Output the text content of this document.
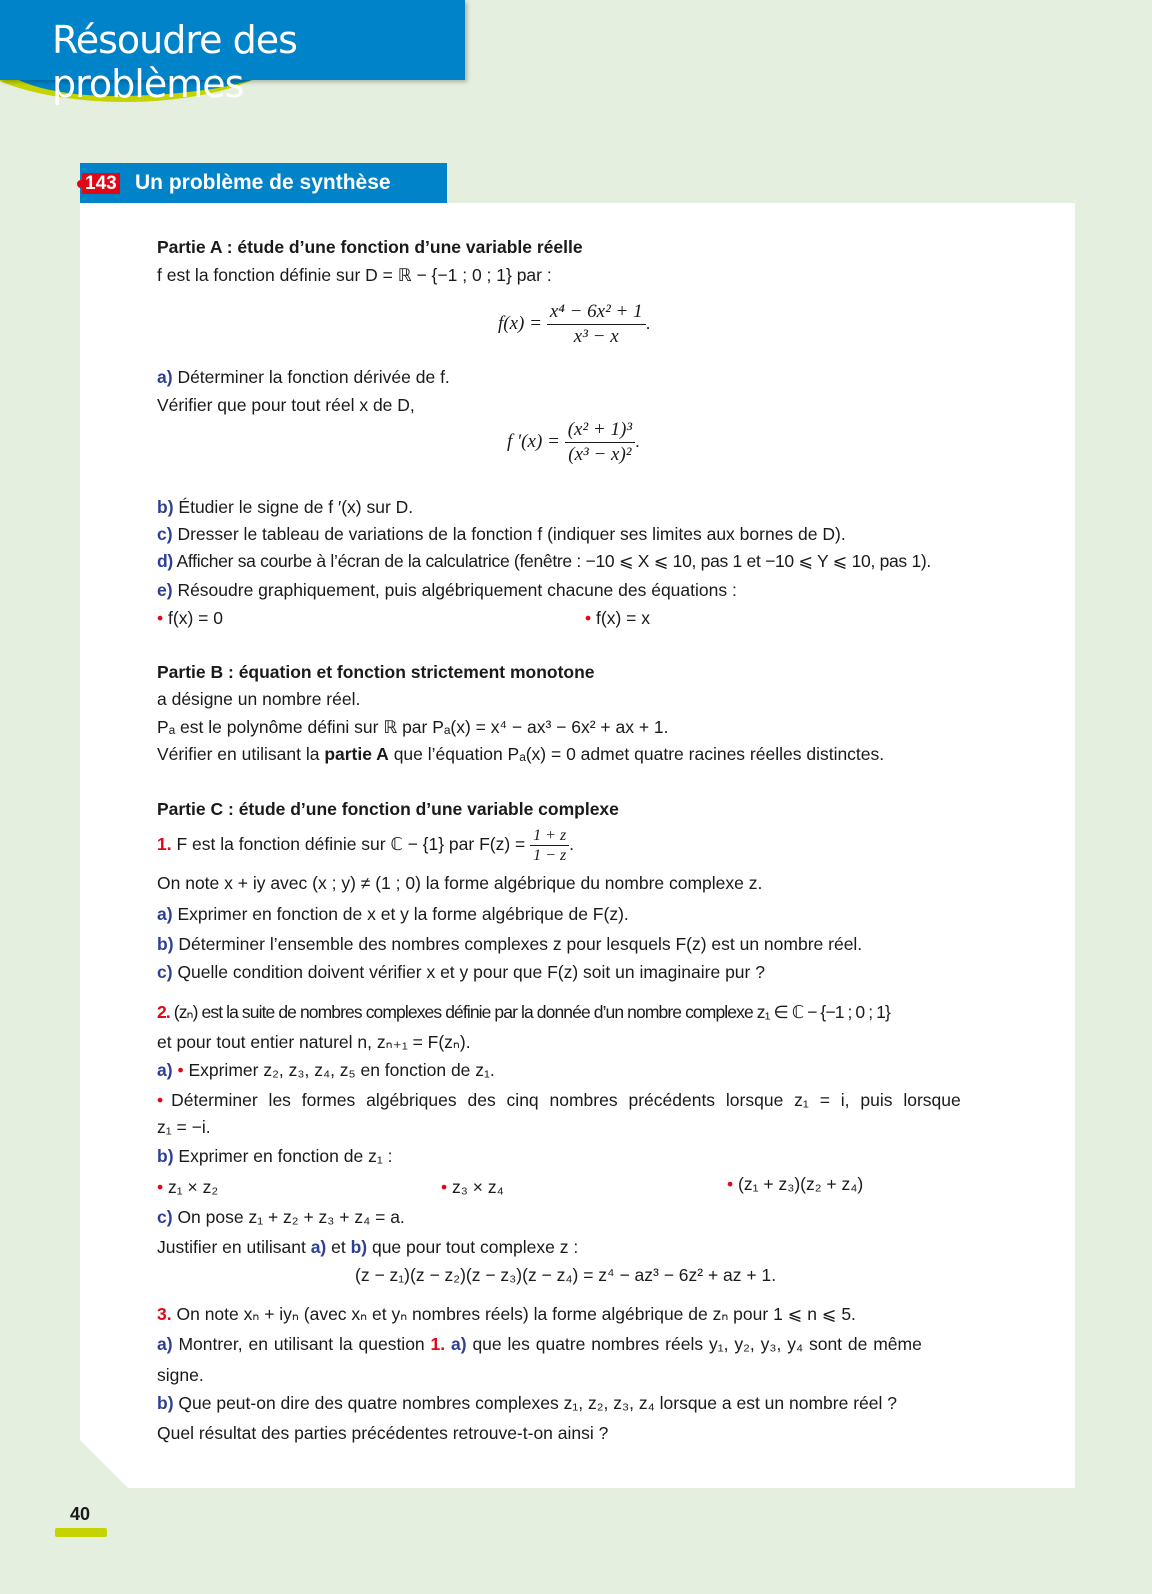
Résoudre des problèmes
143 Un problème de synthèse
Partie A : étude d’une fonction d’une variable réelle
f est la fonction définie sur D = ℝ − {−1 ; 0 ; 1} par :
$f(x) = \frac{\text{x⁴ − 6x² + 1}}{\text{x³ − x}}$ .
a) Déterminer la fonction dérivée de f.
Vérifier que pour tout réel x de D,
f $'(x) = \frac{\text{(x² + 1)³}}{\text{(x³ − x)²}}$ .
b) Étudier le signe de f ′(x) sur D.
c) Dresser le tableau de variations de la fonction f (indiquer ses limites aux bornes de D).
d) Afficher sa courbe à l’écran de la calculatrice (fenêtre : −10 ⩽ X ⩽ 10, pas 1 et −10 ⩽ Y ⩽ 10, pas 1).
e) Résoudre graphiquement, puis algébriquement chacune des équations :
• f(x) = 0	• f(x) = x
Partie B : équation et fonction strictement monotone
a désigne un nombre réel.
Pₐ est le polynôme défini sur ℝ par Pₐ(x) = x⁴ − ax³ − 6x² + ax + 1.
Vérifier en utilisant la partie A que l’équation Pₐ(x) = 0 admet quatre racines réelles distinctes.
Partie C : étude d’une fonction d’une variable complexe
1. F est la fonction définie sur ℂ − {1} par $F(z) = \frac{1 + z}{1 - z}$ .
On note x + iy avec (x ; y) ≠ (1 ; 0) la forme algébrique du nombre complexe z.
a) Exprimer en fonction de x et y la forme algébrique de F(z).
b) Déterminer l’ensemble des nombres complexes z pour lesquels F(z) est un nombre réel.
c) Quelle condition doivent vérifier x et y pour que F(z) soit un imaginaire pur ?
2. (zₙ) est la suite de nombres complexes définie par la donnée d’un nombre complexe z₁ ∈ ℂ − {−1 ; 0 ; 1}
et pour tout entier naturel n, zₙ₊₁ = F(zₙ).
a) • Exprimer z₂, z₃, z₄, z₅ en fonction de z₁.
• Déterminer les formes algébriques des cinq nombres précédents lorsque z₁ = i, puis lorsque
z₁ = −i.
b) Exprimer en fonction de z₁ :
• z₁ × z₂	• z₃ × z₄	• (z₁ + z₃)(z₂ + z₄)
c) On pose z₁ + z₂ + z₃ + z₄ = a.
Justifier en utilisant a) et b) que pour tout complexe z :
(z − z₁)(z − z₂)(z − z₃)(z − z₄) = z⁴ − az³ − 6z² + az + 1.
3. On note xₙ + iyₙ (avec xₙ et yₙ nombres réels) la forme algébrique de zₙ pour 1 ⩽ n ⩽ 5.
a) Montrer, en utilisant la question 1. a) que les quatre nombres réels y₁, y₂, y₃, y₄ sont de même
signe.
b) Que peut-on dire des quatre nombres complexes z₁, z₂, z₃, z₄ lorsque a est un nombre réel ?
Quel résultat des parties précédentes retrouve-t-on ainsi ?
40
